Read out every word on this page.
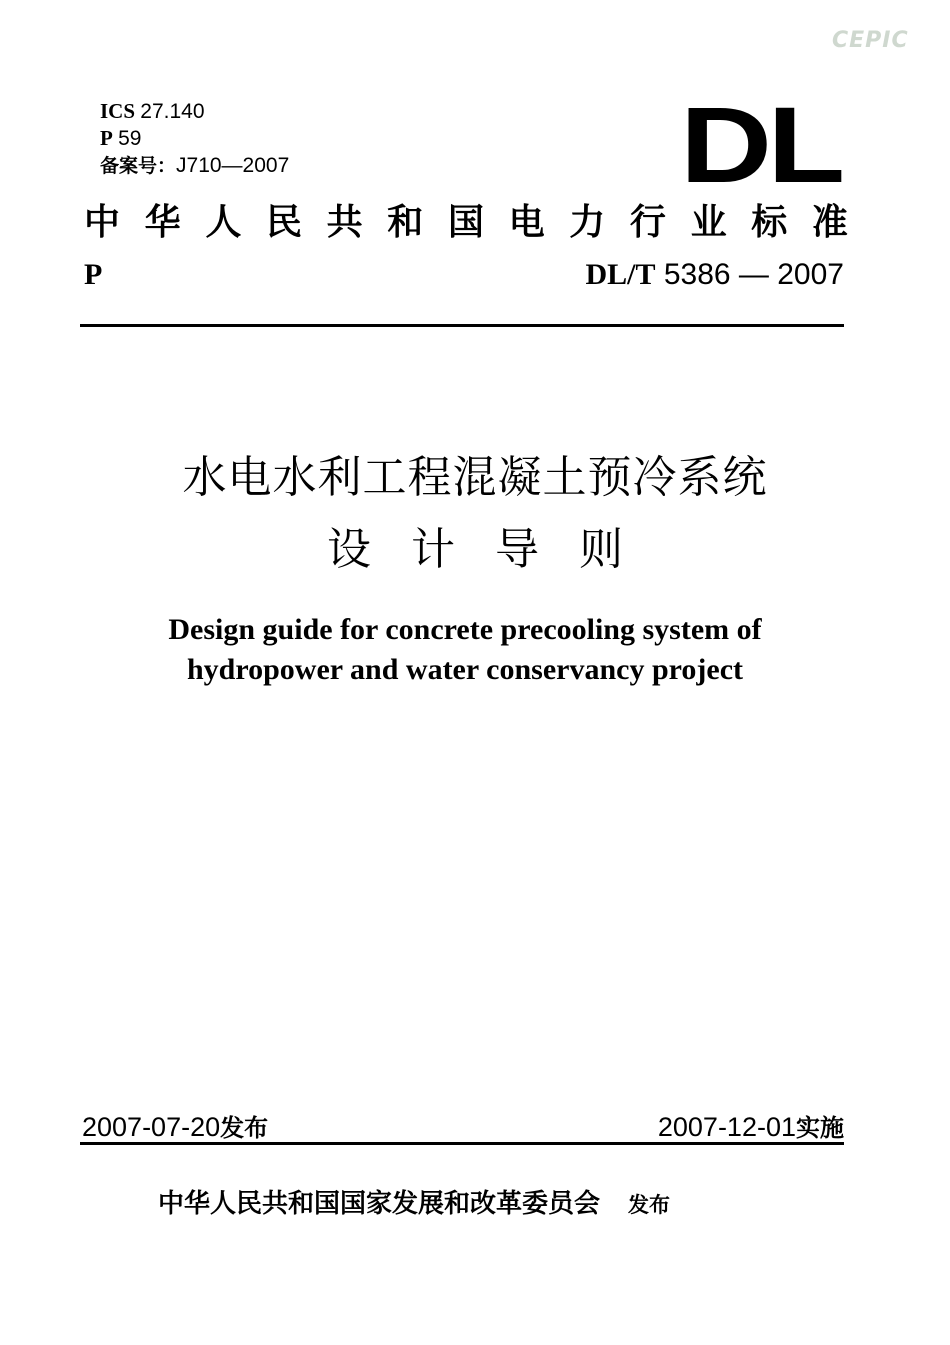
CEPIC
ICS 27.140
P 59
备案号：J710—2007	DL
中 华 人 民 共 和 国 电 力 行 业 标 准
P	DL/T 5386 — 2007
水电水利工程混凝土预冷系统
设计导则
Design guide for concrete precooling system of
hydropower and water conservancy project
2007-07-20发布	2007-12-01实施
中华人民共和国国家发展和改革委员会 发布
